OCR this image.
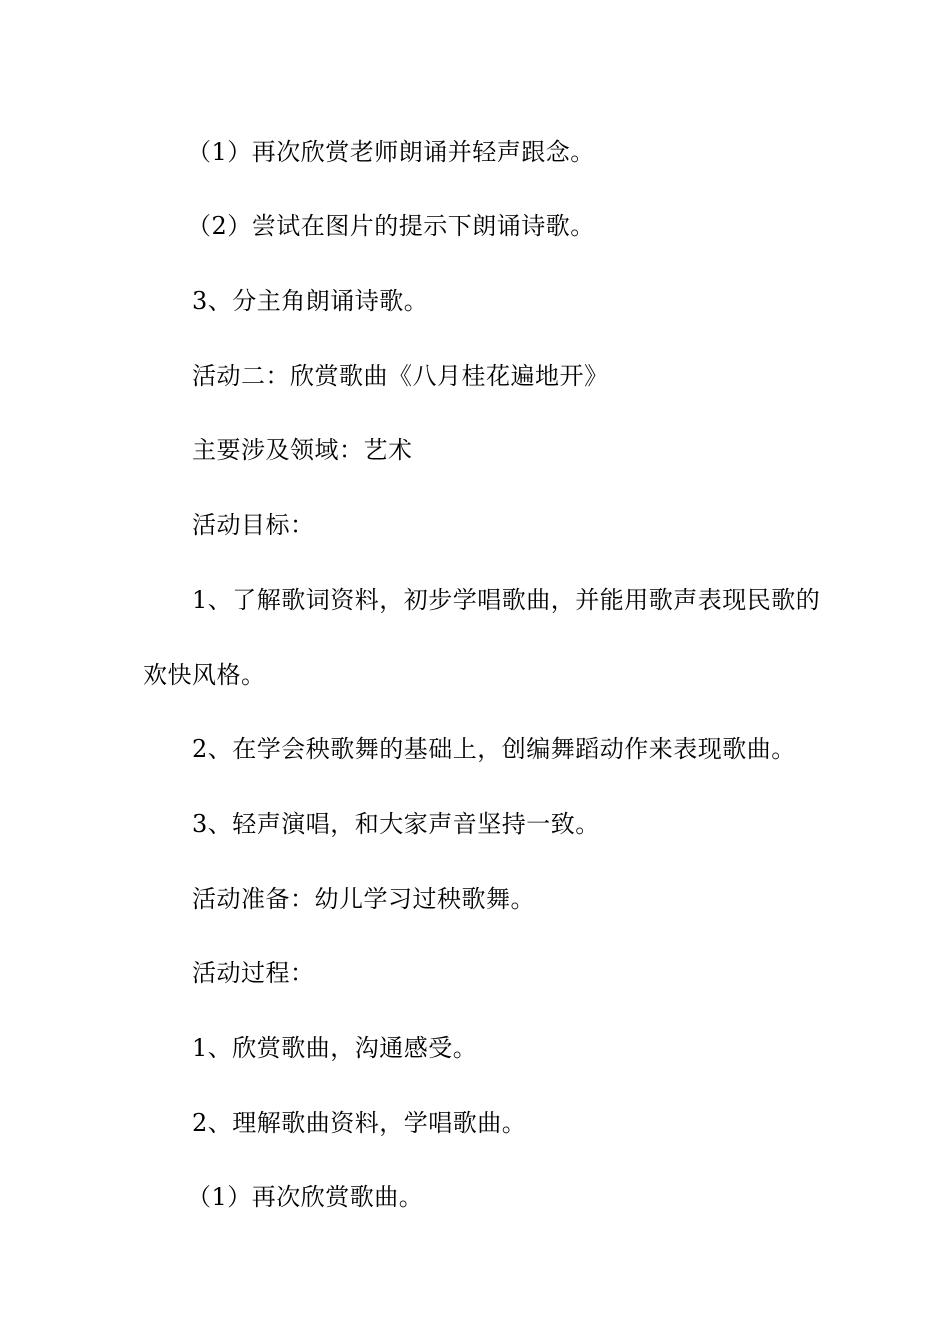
（1）再次欣赏老师朗诵并轻声跟念。
（2）尝试在图片的提示下朗诵诗歌。
3、分主角朗诵诗歌。
活动二：欣赏歌曲《八月桂花遍地开》
主要涉及领域：艺术
活动目标：
1、了解歌词资料，初步学唱歌曲，并能用歌声表现民歌的
欢快风格。
2、在学会秧歌舞的基础上，创编舞蹈动作来表现歌曲。
3、轻声演唱，和大家声音坚持一致。
活动准备：幼儿学习过秧歌舞。
活动过程：
1、欣赏歌曲，沟通感受。
2、理解歌曲资料，学唱歌曲。
（1）再次欣赏歌曲。
